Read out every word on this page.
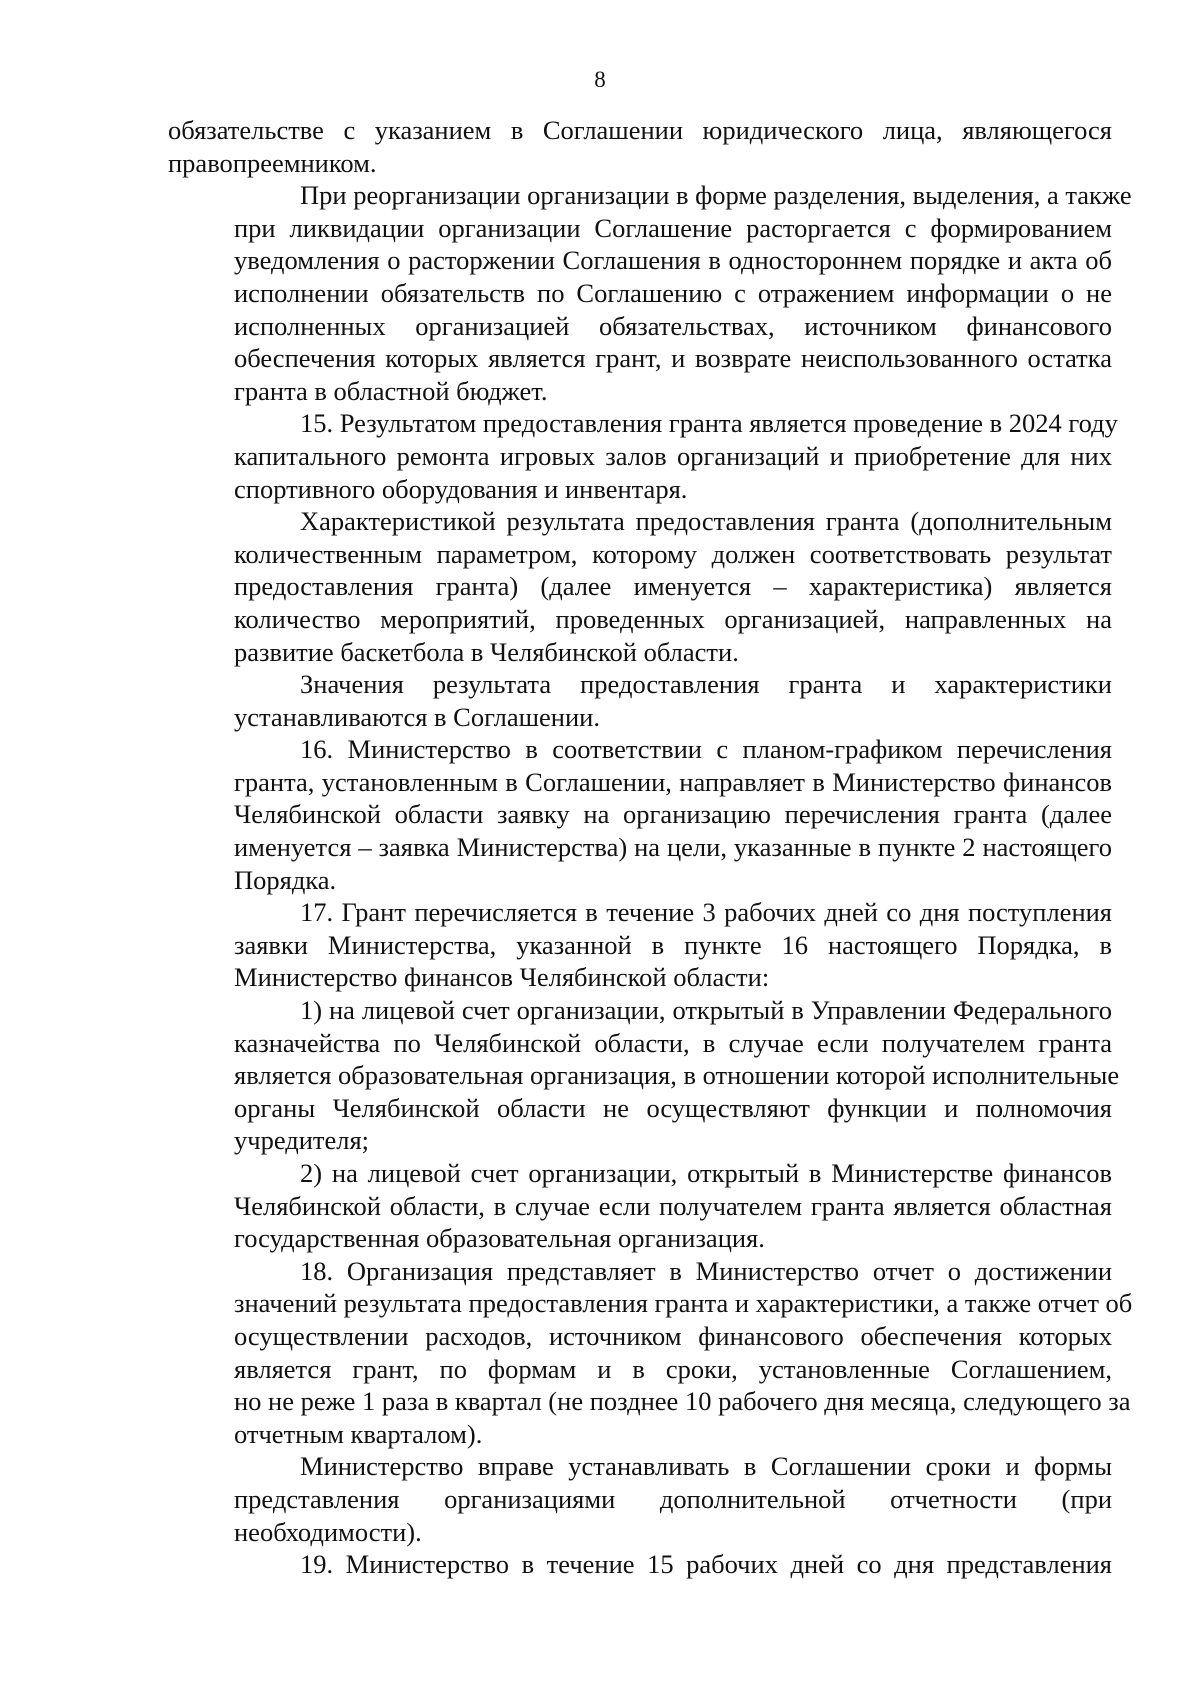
8
обязательстве с указанием в Соглашении юридического лица, являющегося
правопреемником.
При реорганизации организации в форме разделения, выделения, а также
при ликвидации организации Соглашение расторгается с формированием
уведомления о расторжении Соглашения в одностороннем порядке и акта об
исполнении обязательств по Соглашению с отражением информации о не
исполненных организацией обязательствах, источником финансового
обеспечения которых является грант, и возврате неиспользованного остатка
гранта в областной бюджет.
15. Результатом предоставления гранта является проведение в 2024 году
капитального ремонта игровых залов организаций и приобретение для них
спортивного оборудования и инвентаря.
Характеристикой результата предоставления гранта (дополнительным
количественным параметром, которому должен соответствовать результат
предоставления гранта) (далее именуется – характеристика) является
количество мероприятий, проведенных организацией, направленных на
развитие баскетбола в Челябинской области.
Значения результата предоставления гранта и характеристики
устанавливаются в Соглашении.
16. Министерство в соответствии с планом-графиком перечисления
гранта, установленным в Соглашении, направляет в Министерство финансов
Челябинской области заявку на организацию перечисления гранта (далее
именуется – заявка Министерства) на цели, указанные в пункте 2 настоящего
Порядка.
17. Грант перечисляется в течение 3 рабочих дней со дня поступления
заявки Министерства, указанной в пункте 16 настоящего Порядка, в
Министерство финансов Челябинской области:
1) на лицевой счет организации, открытый в Управлении Федерального
казначейства по Челябинской области, в случае если получателем гранта
является образовательная организация, в отношении которой исполнительные
органы Челябинской области не осуществляют функции и полномочия
учредителя;
2) на лицевой счет организации, открытый в Министерстве финансов
Челябинской области, в случае если получателем гранта является областная
государственная образовательная организация.
18. Организация представляет в Министерство отчет о достижении
значений результата предоставления гранта и характеристики, а также отчет об
осуществлении расходов, источником финансового обеспечения которых
является грант, по формам и в сроки, установленные Соглашением,
но не реже 1 раза в квартал (не позднее 10 рабочего дня месяца, следующего за
отчетным кварталом).
Министерство вправе устанавливать в Соглашении сроки и формы
представления организациями дополнительной отчетности (при
необходимости).
19. Министерство в течение 15 рабочих дней со дня представления
